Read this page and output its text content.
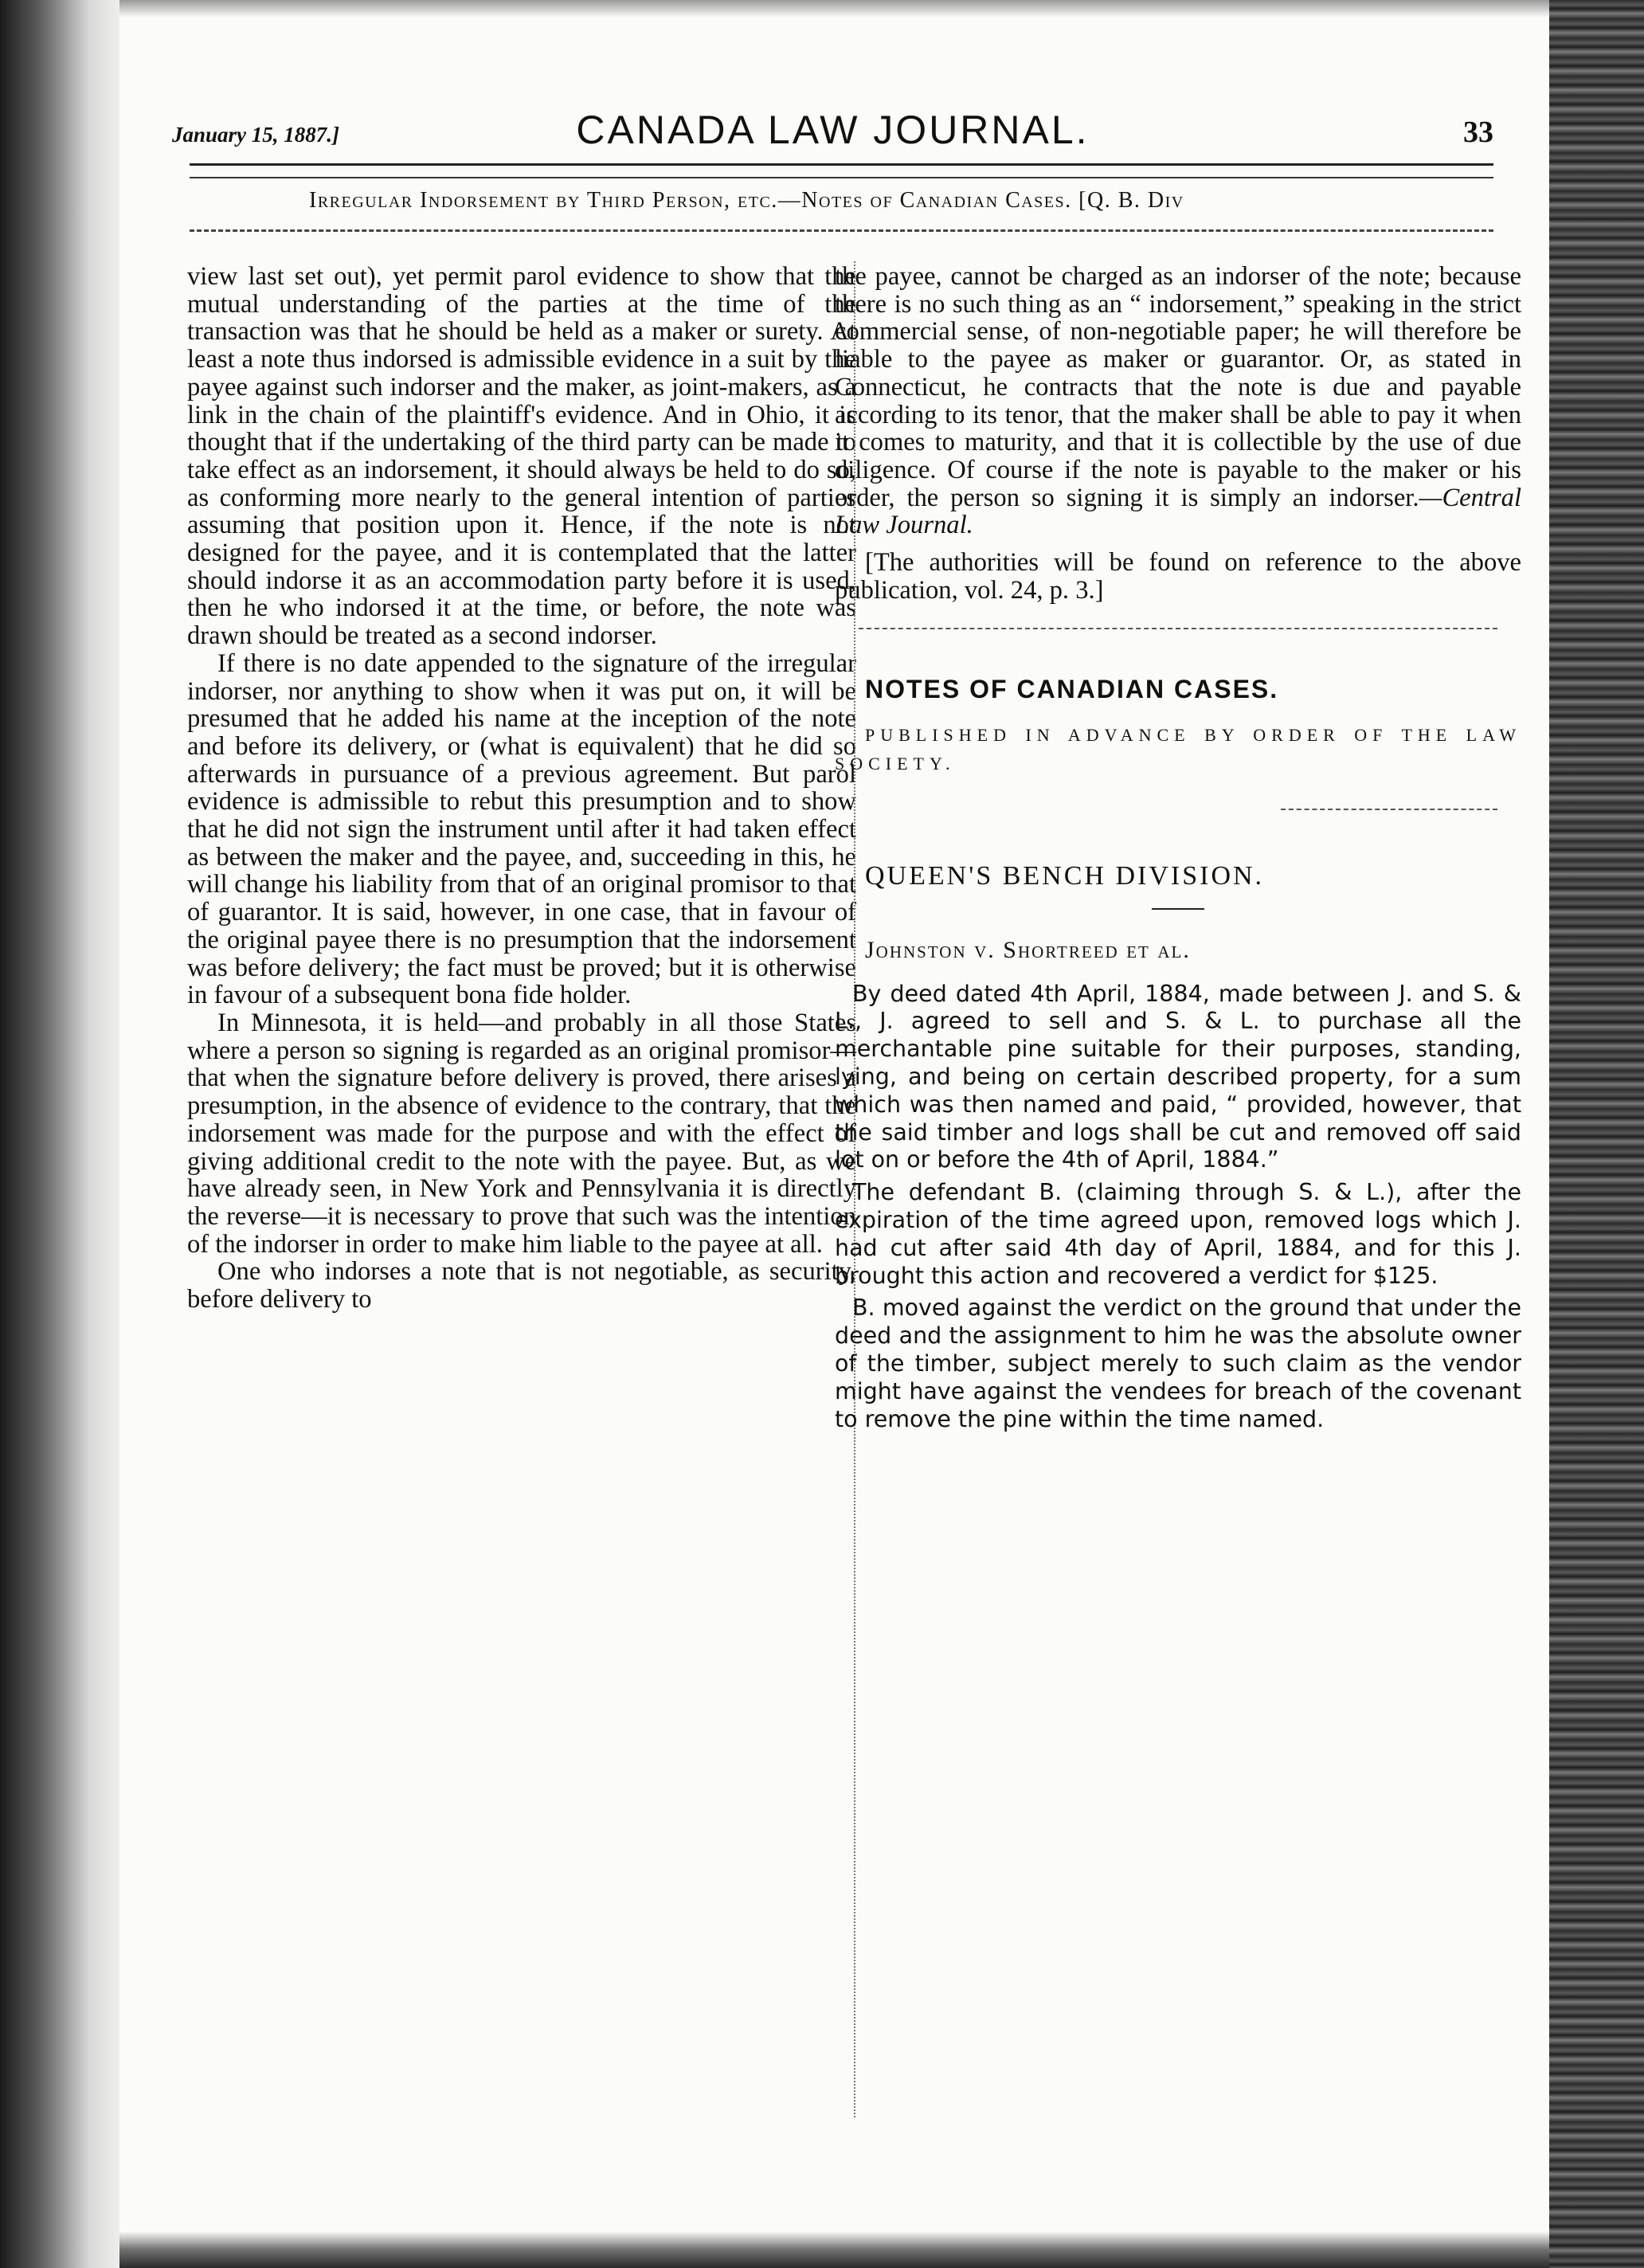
January 15, 1887.]	CANADA LAW JOURNAL.	33
Irregular Indorsement by Third Person, etc.—Notes of Canadian Cases. [Q. B. Div

view last set out), yet permit parol evidence to show that the mutual understanding of the parties at the time of the transaction was that he should be held as a maker or surety. At least a note thus indorsed is admissible evidence in a suit by the payee against such indorser and the maker, as joint-makers, as a link in the chain of the plaintiff's evidence. And in Ohio, it is thought that if the undertaking of the third party can be made to take effect as an indorsement, it should always be held to do so, as conforming more nearly to the general intention of parties assuming that position upon it. Hence, if the note is not designed for the payee, and it is contemplated that the latter should indorse it as an accommodation party before it is used, then he who indorsed it at the time, or before, the note was drawn should be treated as a second indorser.

If there is no date appended to the signature of the irregular indorser, nor anything to show when it was put on, it will be presumed that he added his name at the inception of the note and before its delivery, or (what is equivalent) that he did so afterwards in pursuance of a previous agreement. But parol evidence is admissible to rebut this presumption and to show that he did not sign the instrument until after it had taken effect as between the maker and the payee, and, succeeding in this, he will change his liability from that of an original promisor to that of guarantor. It is said, however, in one case, that in favour of the original payee there is no presumption that the indorsement was before delivery; the fact must be proved; but it is otherwise in favour of a subsequent bona fide holder.

In Minnesota, it is held—and probably in all those States where a person so signing is regarded as an original promisor—that when the signature before delivery is proved, there arises a presumption, in the absence of evidence to the contrary, that the indorsement was made for the purpose and with the effect of giving additional credit to the note with the payee. But, as we have already seen, in New York and Pennsylvania it is directly the reverse—it is necessary to prove that such was the intention of the indorser in order to make him liable to the payee at all.

One who indorses a note that is not negotiable, as security, before delivery to

the payee, cannot be charged as an indorser of the note; because there is no such thing as an “ indorsement,” speaking in the strict commercial sense, of non-negotiable paper; he will therefore be liable to the payee as maker or guarantor. Or, as stated in Connecticut, he contracts that the note is due and payable according to its tenor, that the maker shall be able to pay it when it comes to maturity, and that it is collectible by the use of due diligence. Of course if the note is payable to the maker or his order, the person so signing it is simply an indorser.—Central Law Journal.

[The authorities will be found on reference to the above publication, vol. 24, p. 3.]

NOTES OF CANADIAN CASES.

PUBLISHED IN ADVANCE BY ORDER OF THE LAW SOCIETY.

QUEEN'S BENCH DIVISION.

Johnston v. Shortreed et al.

By deed dated 4th April, 1884, made between J. and S. & L., J. agreed to sell and S. & L. to purchase all the merchantable pine suitable for their purposes, standing, lying, and being on certain described property, for a sum which was then named and paid, “ provided, however, that the said timber and logs shall be cut and removed off said lot on or before the 4th of April, 1884.”

The defendant B. (claiming through S. & L.), after the expiration of the time agreed upon, removed logs which J. had cut after said 4th day of April, 1884, and for this J. brought this action and recovered a verdict for $125.

B. moved against the verdict on the ground that under the deed and the assignment to him he was the absolute owner of the timber, subject merely to such claim as the vendor might have against the vendees for breach of the covenant to remove the pine within the time named.
